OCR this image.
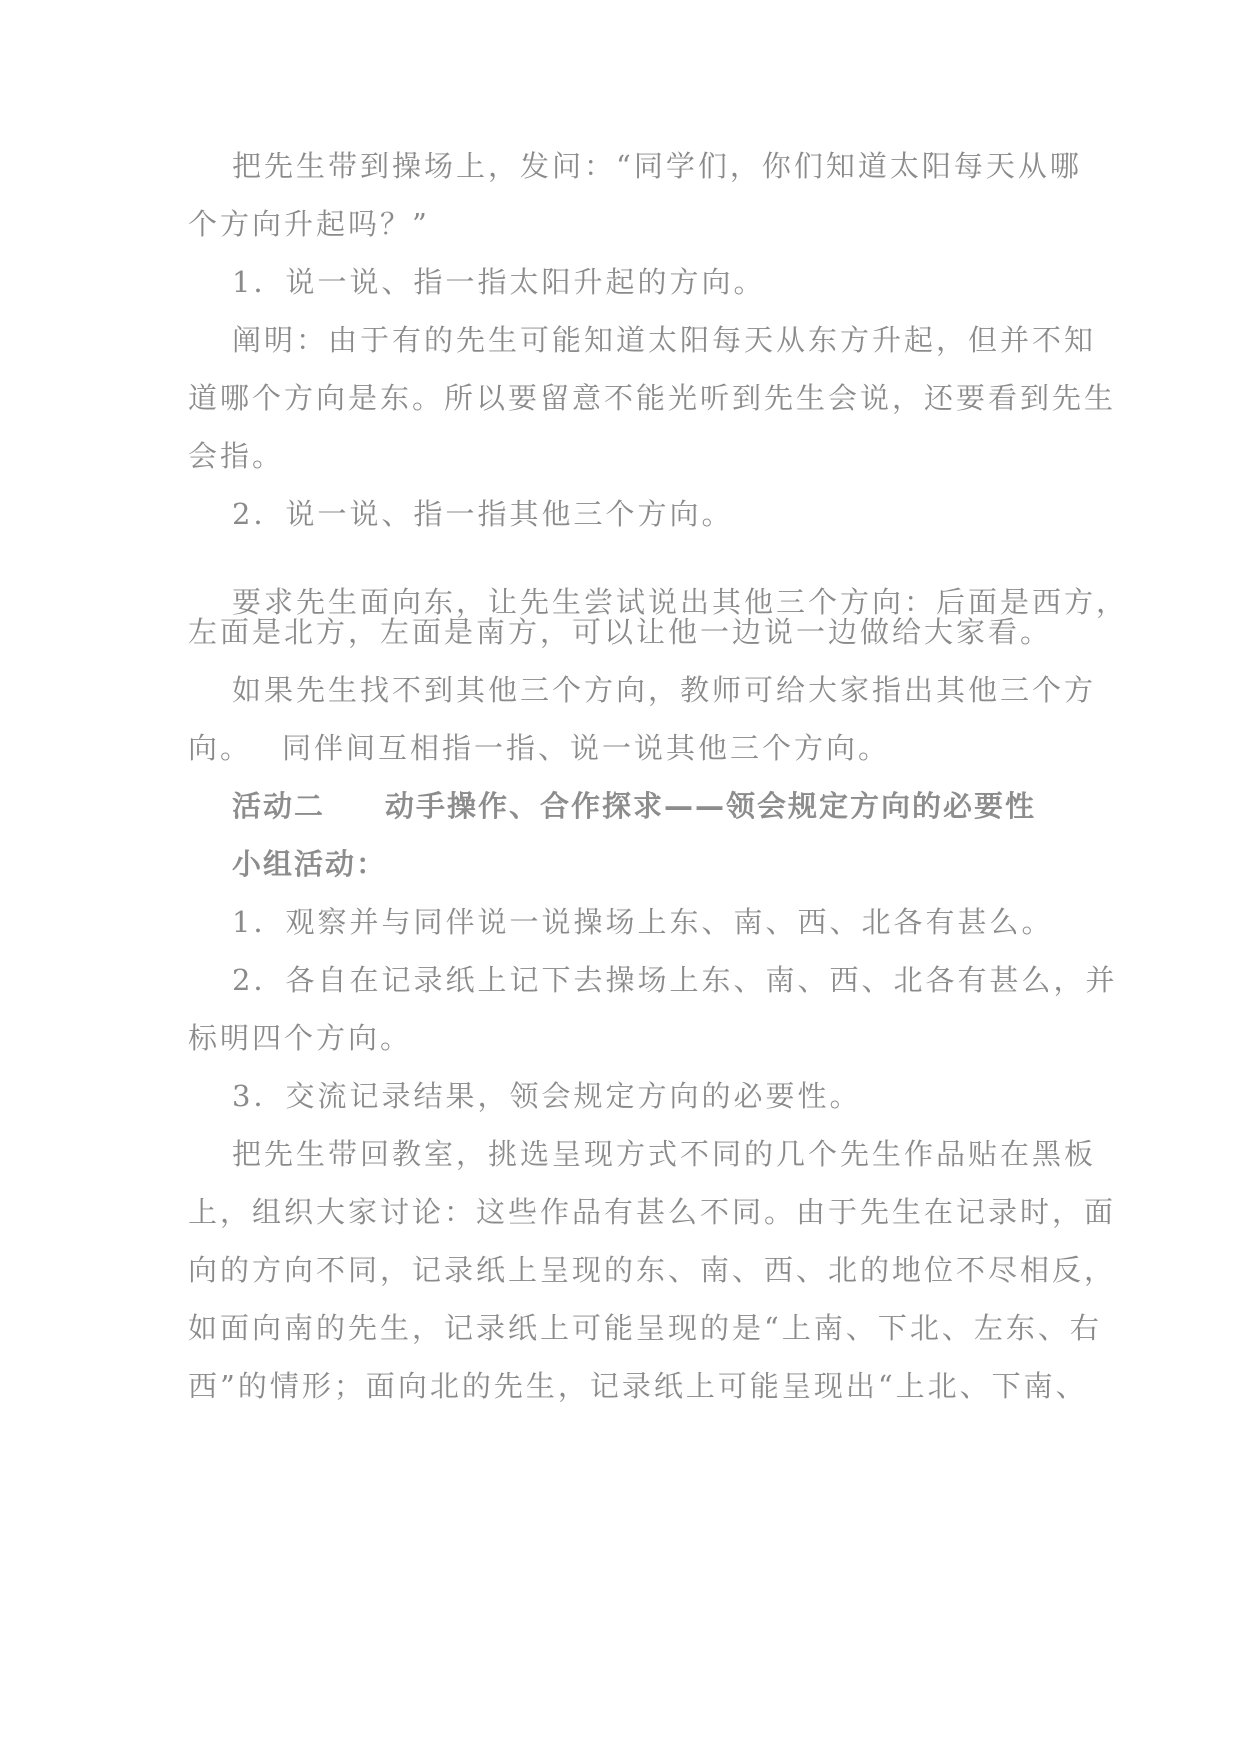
把先生带到操场上，发问：“同学们，你们知道太阳每天从哪
个方向升起吗？”
1．说一说、指一指太阳升起的方向。
阐明：由于有的先生可能知道太阳每天从东方升起，但并不知
道哪个方向是东。所以要留意不能光听到先生会说，还要看到先生
会指。
2．说一说、指一指其他三个方向。
要求先生面向东，让先生尝试说出其他三个方向：后面是西方，
左面是北方，左面是南方，可以让他一边说一边做给大家看。
如果先生找不到其他三个方向，教师可给大家指出其他三个方
向。 同伴间互相指一指、说一说其他三个方向。
活动二 动手操作、合作探求——领会规定方向的必要性
小组活动：
1．观察并与同伴说一说操场上东、南、西、北各有甚么。
2．各自在记录纸上记下去操场上东、南、西、北各有甚么，并
标明四个方向。
3．交流记录结果，领会规定方向的必要性。
把先生带回教室，挑选呈现方式不同的几个先生作品贴在黑板
上，组织大家讨论：这些作品有甚么不同。由于先生在记录时，面
向的方向不同，记录纸上呈现的东、南、西、北的地位不尽相反，
如面向南的先生，记录纸上可能呈现的是“上南、下北、左东、右
西”的情形；面向北的先生，记录纸上可能呈现出“上北、下南、
